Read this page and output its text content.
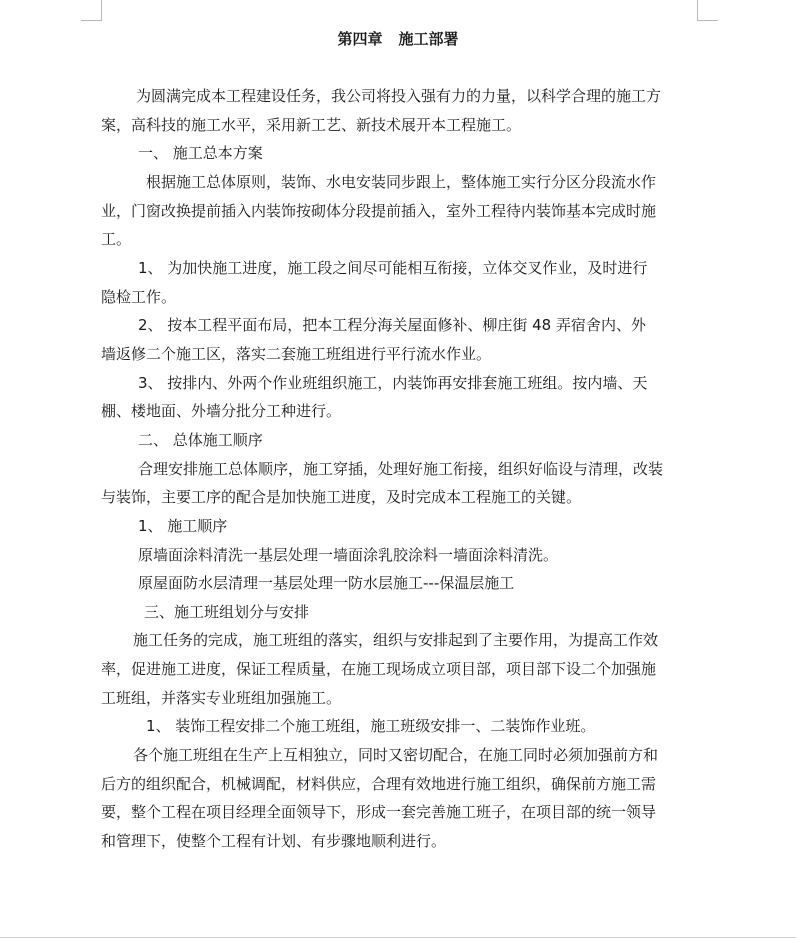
第四章 施工部署
为圆满完成本工程建设任务，我公司将投入强有力的力量，以科学合理的施工方
案，高科技的施工水平，采用新工艺、新技术展开本工程施工。
一、 施工总本方案
根据施工总体原则，装饰、水电安装同步跟上，整体施工实行分区分段流水作
业，门窗改换提前插入内装饰按砌体分段提前插入，室外工程待内装饰基本完成时施
工。
1、 为加快施工进度，施工段之间尽可能相互衔接，立体交叉作业，及时进行
隐检工作。
2、 按本工程平面布局，把本工程分海关屋面修补、柳庄街 48 弄宿舍内、外
墙返修二个施工区，落实二套施工班组进行平行流水作业。
3、 按排内、外两个作业班组织施工，内装饰再安排套施工班组。按内墙、天
棚、楼地面、外墙分批分工种进行。
二、 总体施工顺序
合理安排施工总体顺序，施工穿插，处理好施工衔接，组织好临设与清理，改装
与装饰，主要工序的配合是加快施工进度，及时完成本工程施工的关键。
1、 施工顺序
原墙面涂料清洗一基层处理一墙面涂乳胶涂料一墙面涂料清洗。
原屋面防水层清理一基层处理一防水层施工---保温层施工
三、施工班组划分与安排
施工任务的完成，施工班组的落实，组织与安排起到了主要作用，为提高工作效
率，促进施工进度，保证工程质量，在施工现场成立项目部，项目部下设二个加强施
工班组，并落实专业班组加强施工。
1、 装饰工程安排二个施工班组，施工班级安排一、二装饰作业班。
各个施工班组在生产上互相独立，同时又密切配合，在施工同时必须加强前方和
后方的组织配合，机械调配，材料供应，合理有效地进行施工组织，确保前方施工需
要，整个工程在项目经理全面领导下，形成一套完善施工班子，在项目部的统一领导
和管理下，使整个工程有计划、有步骤地顺利进行。
